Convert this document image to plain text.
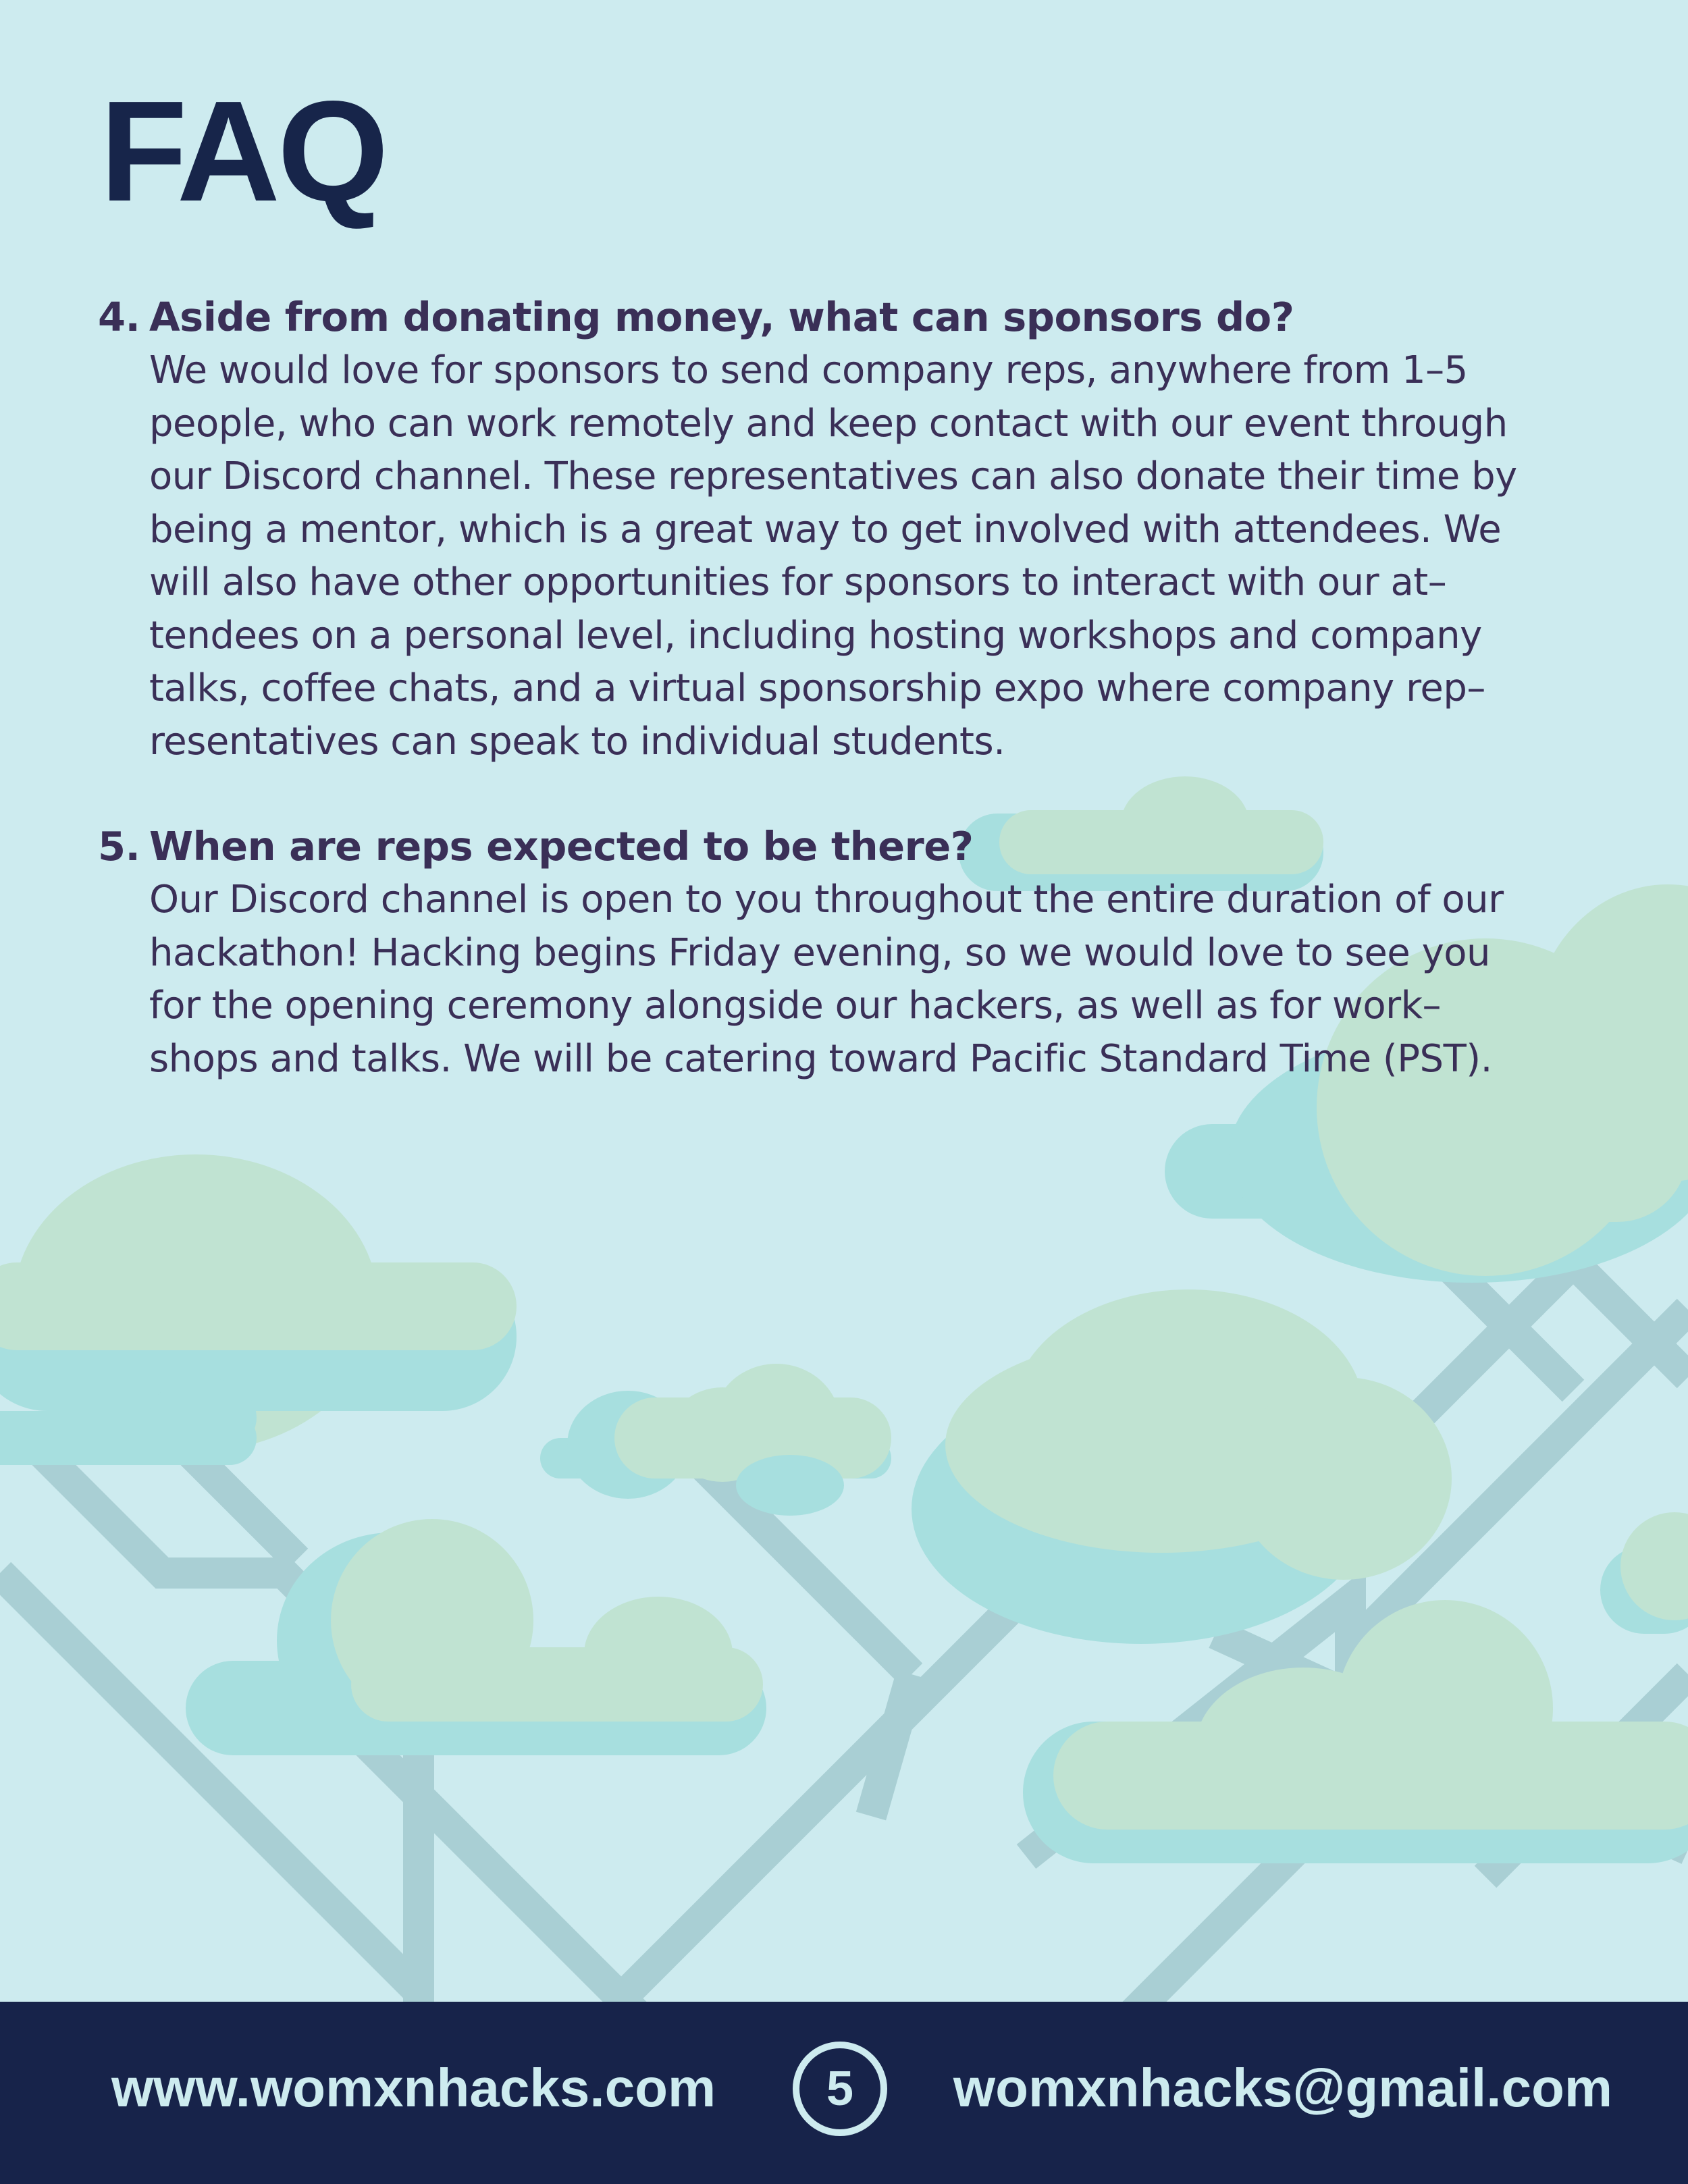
FAQ

4. Aside from donating money, what can sponsors do?

We would love for sponsors to send company reps, anywhere from 1–5
people, who can work remotely and keep contact with our event through
our Discord channel. These representatives can also donate their time by
being a mentor, which is a great way to get involved with attendees. We
will also have other opportunities for sponsors to interact with our at–
tendees on a personal level, including hosting workshops and company
talks, coffee chats, and a virtual sponsorship expo where company rep–
resentatives can speak to individual students.

5. When are reps expected to be there?

Our Discord channel is open to you throughout the entire duration of our
hackathon! Hacking begins Friday evening, so we would love to see you
for the opening ceremony alongside our hackers, as well as for work–
shops and talks. We will be catering toward Pacific Standard Time (PST).

www.womxnhacks.com	5	womxnhacks@gmail.com
